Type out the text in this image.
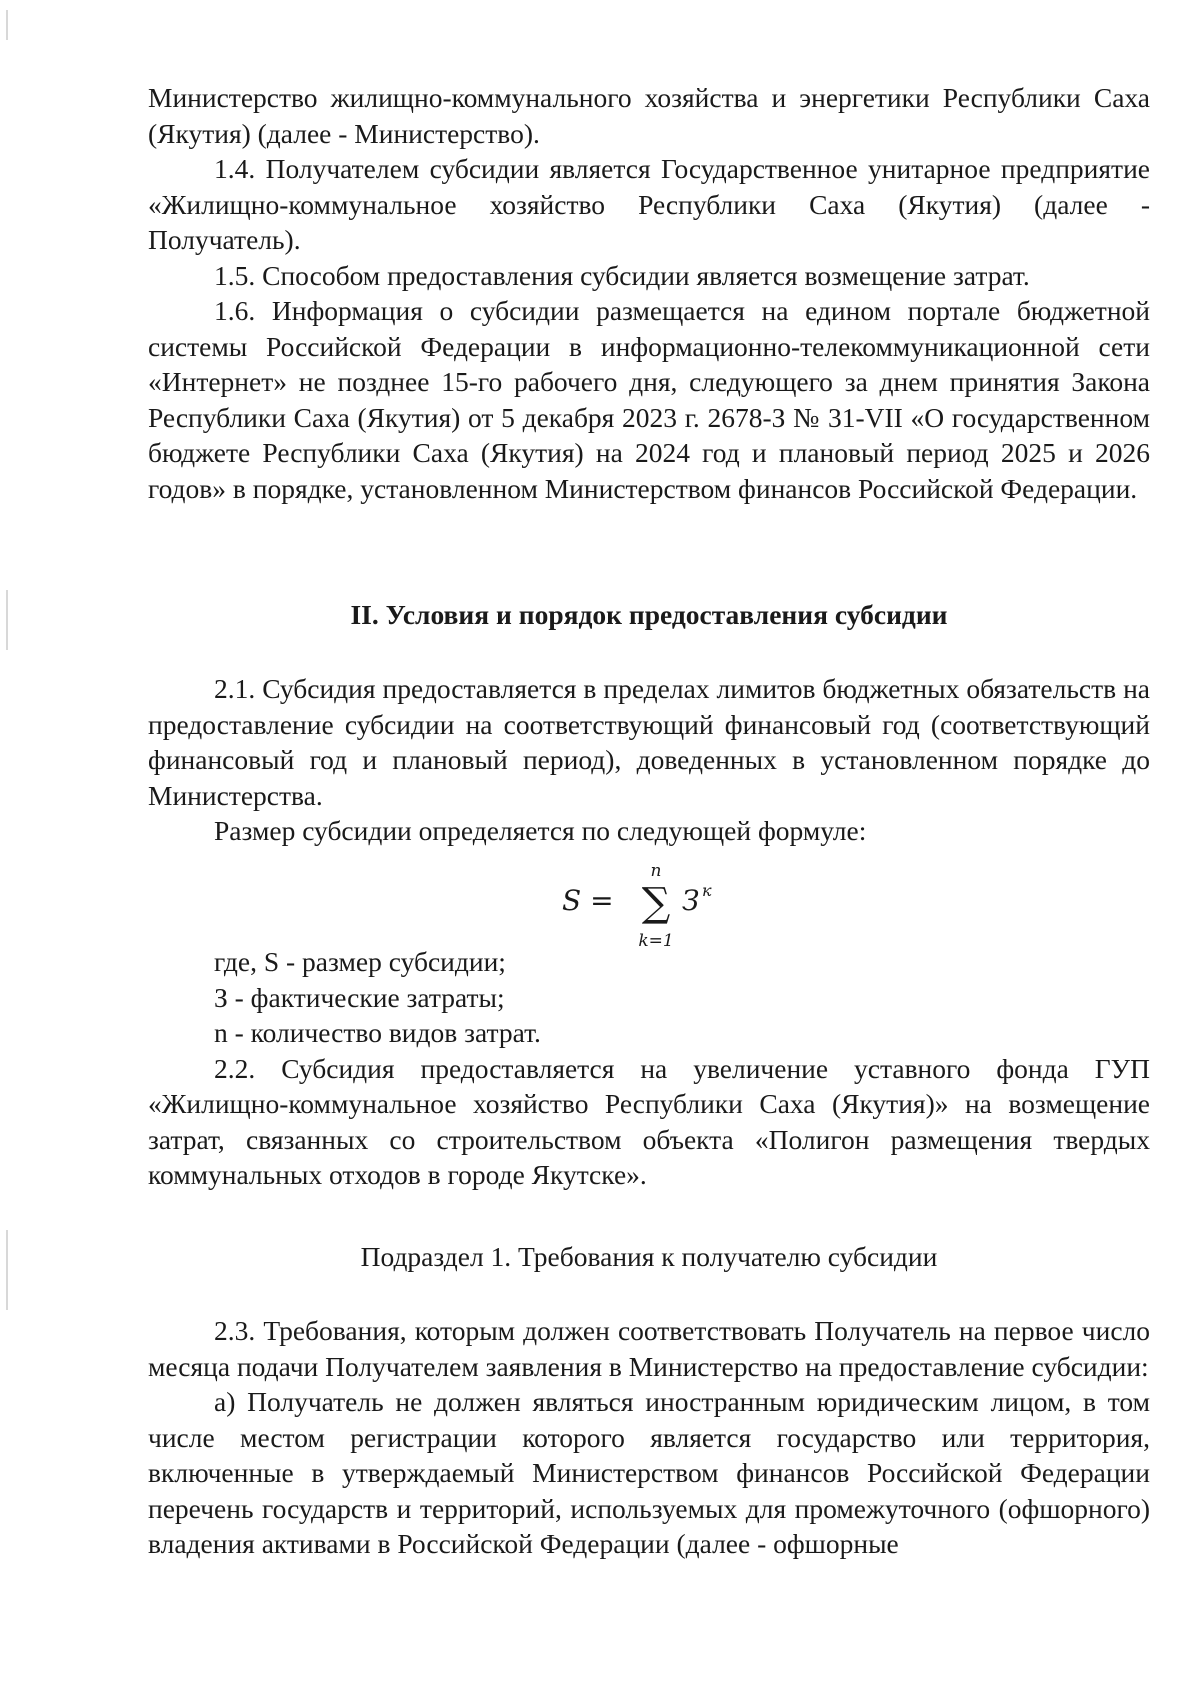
Министерство жилищно-коммунального хозяйства и энергетики Республики Саха (Якутия) (далее - Министерство).

1.4. Получателем субсидии является Государственное унитарное предприятие «Жилищно-коммунальное хозяйство Республики Саха (Якутия) (далее - Получатель).

1.5. Способом предоставления субсидии является возмещение затрат.

1.6. Информация о субсидии размещается на едином портале бюджетной системы Российской Федерации в информационно-телекоммуникационной сети «Интернет» не позднее 15-го рабочего дня, следующего за днем принятия Закона Республики Саха (Якутия) от 5 декабря 2023 г. 2678-З № 31-VII «О государственном бюджете Республики Саха (Якутия) на 2024 год и плановый период 2025 и 2026 годов» в порядке, установленном Министерством финансов Российской Федерации.

II. Условия и порядок предоставления субсидии

2.1. Субсидия предоставляется в пределах лимитов бюджетных обязательств на предоставление субсидии на соответствующий финансовый год (соответствующий финансовый год и плановый период), доведенных в установленном порядке до Министерства.

Размер субсидии определяется по следующей формуле:

S =
n
∑
k=1
З к

где, S - размер субсидии;

З - фактические затраты;

n - количество видов затрат.

2.2. Субсидия предоставляется на увеличение уставного фонда ГУП «Жилищно-коммунальное хозяйство Республики Саха (Якутия)» на возмещение затрат, связанных со строительством объекта «Полигон размещения твердых коммунальных отходов в городе Якутске».

Подраздел 1. Требования к получателю субсидии

2.3. Требования, которым должен соответствовать Получатель на первое число месяца подачи Получателем заявления в Министерство на предоставление субсидии:

а) Получатель не должен являться иностранным юридическим лицом, в том числе местом регистрации которого является государство или территория, включенные в утверждаемый Министерством финансов Российской Федерации перечень государств и территорий, используемых для промежуточного (офшорного) владения активами в Российской Федерации (далее - офшорные
